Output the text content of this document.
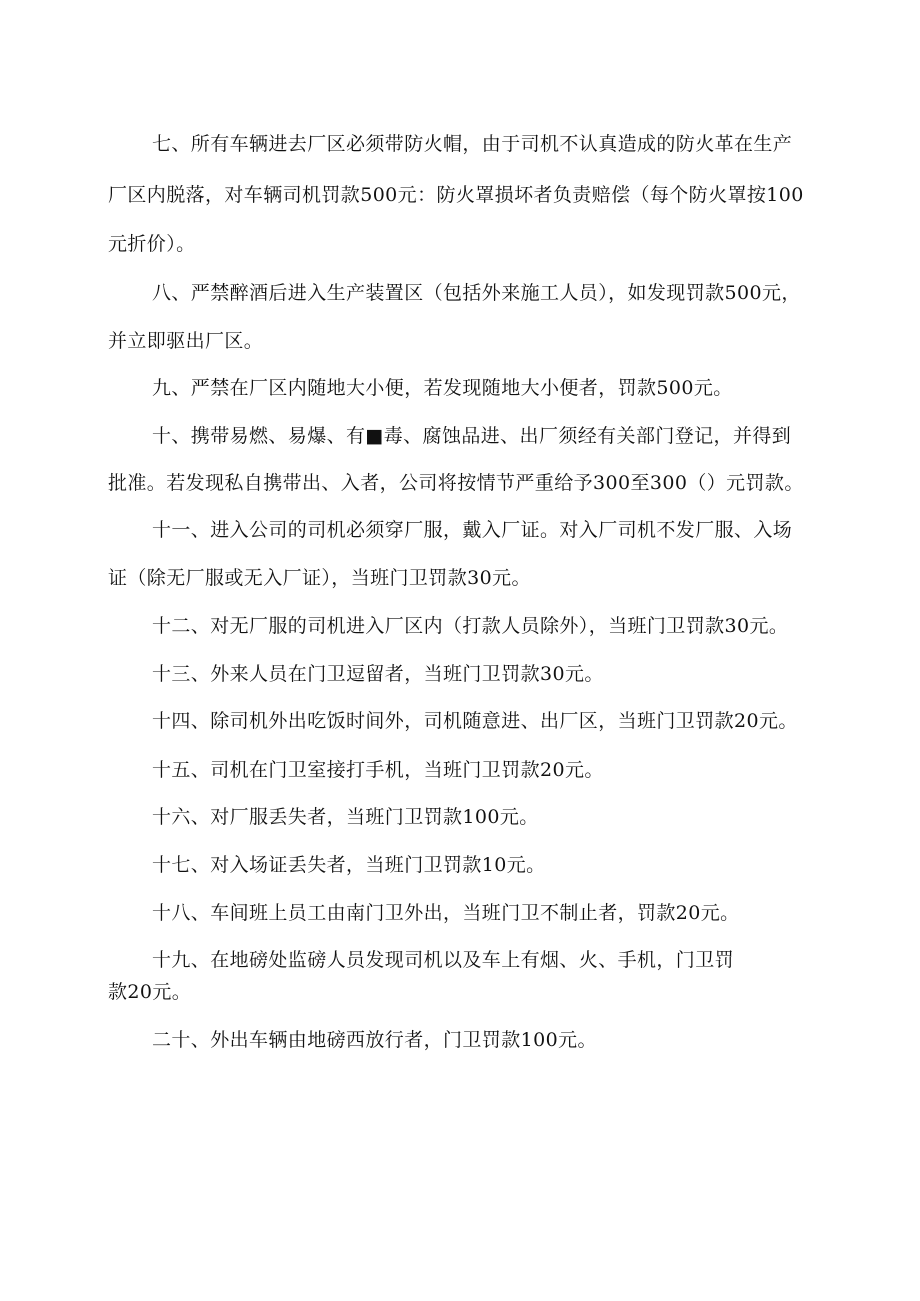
七、所有车辆进去厂区必须带防火帽，由于司机不认真造成的防火革在生产
厂区内脱落，对车辆司机罚款500元：防火罩损坏者负责赔偿（每个防火罩按100
元折价）。
八、严禁醉酒后进入生产装置区（包括外来施工人员），如发现罚款500元，
并立即驱出厂区。
九、严禁在厂区内随地大小便，若发现随地大小便者，罚款500元。
十、携带易燃、易爆、有■毒、腐蚀品进、出厂须经有关部门登记，并得到
批准。若发现私自携带出、入者，公司将按情节严重给予300至300（）元罚款。
十一、进入公司的司机必须穿厂服，戴入厂证。对入厂司机不发厂服、入场
证（除无厂服或无入厂证），当班门卫罚款30元。
十二、对无厂服的司机进入厂区内（打款人员除外），当班门卫罚款30元。
十三、外来人员在门卫逗留者，当班门卫罚款30元。
十四、除司机外出吃饭时间外，司机随意进、出厂区，当班门卫罚款20元。
十五、司机在门卫室接打手机，当班门卫罚款20元。
十六、对厂服丢失者，当班门卫罚款100元。
十七、对入场证丢失者，当班门卫罚款10元。
十八、车间班上员工由南门卫外出，当班门卫不制止者，罚款20元。
十九、在地磅处监磅人员发现司机以及车上有烟、火、手机，门卫罚
款20元。
二十、外出车辆由地磅西放行者，门卫罚款100元。
